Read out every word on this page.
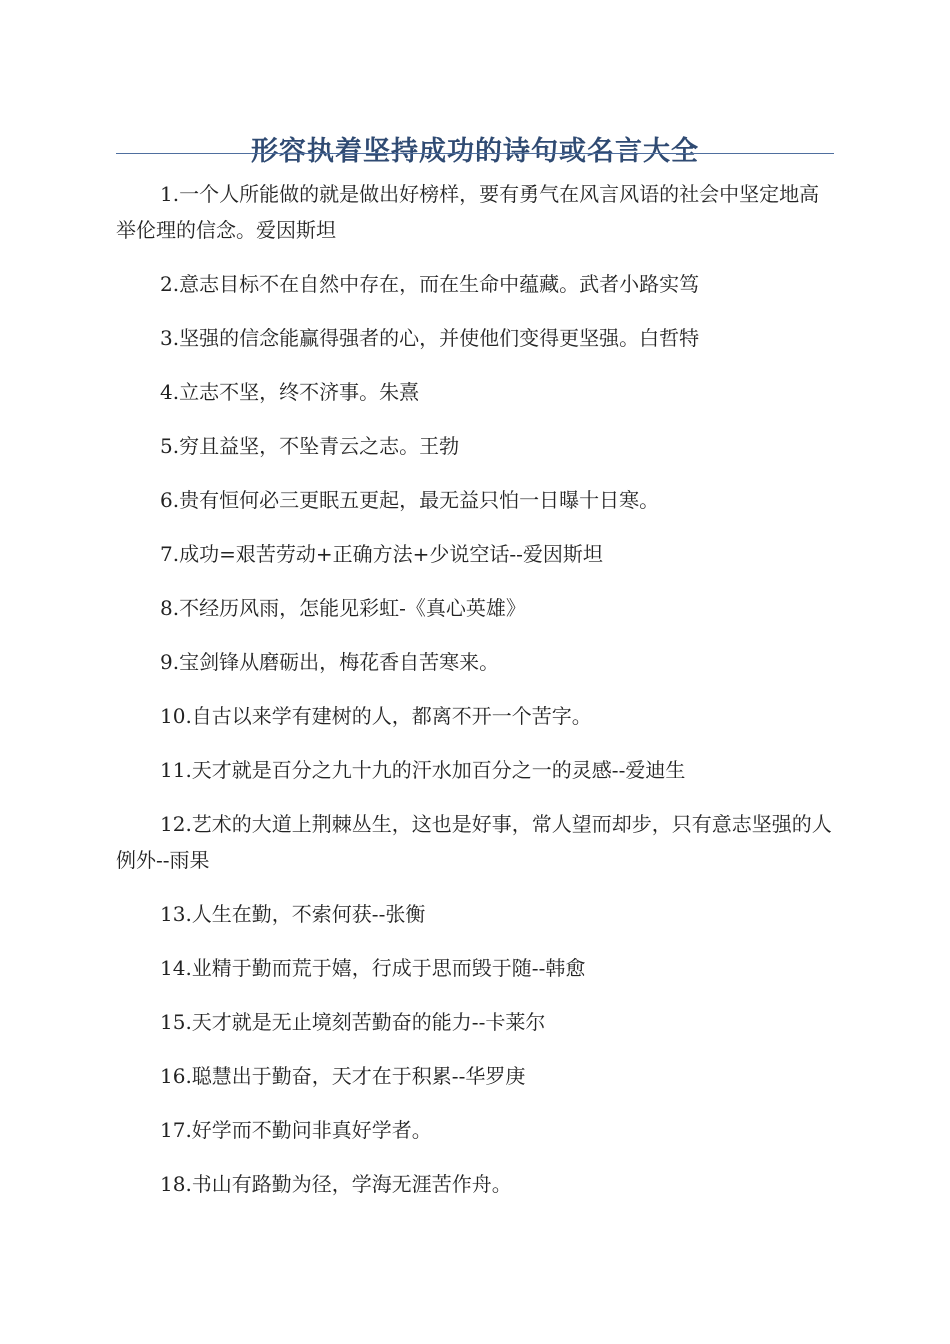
形容执着坚持成功的诗句或名言大全
1.一个人所能做的就是做出好榜样，要有勇气在风言风语的社会中坚定地高举伦理的信念。爱因斯坦
2.意志目标不在自然中存在，而在生命中蕴藏。武者小路实笃
3.坚强的信念能赢得强者的心，并使他们变得更坚强。白哲特
4.立志不坚，终不济事。朱熹
5.穷且益坚，不坠青云之志。王勃
6.贵有恒何必三更眠五更起，最无益只怕一日曝十日寒。
7.成功=艰苦劳动+正确方法+少说空话--爱因斯坦
8.不经历风雨，怎能见彩虹-《真心英雄》
9.宝剑锋从磨砺出，梅花香自苦寒来。
10.自古以来学有建树的人，都离不开一个苦字。
11.天才就是百分之九十九的汗水加百分之一的灵感--爱迪生
12.艺术的大道上荆棘丛生，这也是好事，常人望而却步，只有意志坚强的人例外--雨果
13.人生在勤，不索何获--张衡
14.业精于勤而荒于嬉，行成于思而毁于随--韩愈
15.天才就是无止境刻苦勤奋的能力--卡莱尔
16.聪慧出于勤奋，天才在于积累--华罗庚
17.好学而不勤问非真好学者。
18.书山有路勤为径，学海无涯苦作舟。
